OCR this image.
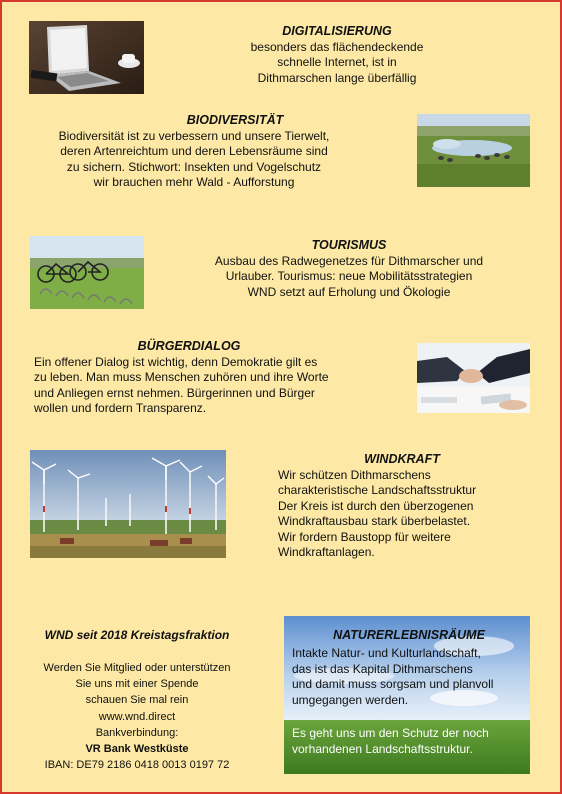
DIGITALISIERUNG
besonders das flächendeckende
schnelle Internet, ist in
Dithmarschen lange überfällig
BIODIVERSITÄT
Biodiversität ist zu verbessern und unsere Tierwelt,
deren Artenreichtum und deren Lebensräume sind
zu sichern. Stichwort: Insekten und Vogelschutz
wir brauchen mehr Wald - Aufforstung
TOURISMUS
Ausbau des Radwegenetzes für Dithmarscher und
Urlauber. Tourismus: neue Mobilitätsstrategien
WND setzt auf Erholung und Ökologie
BÜRGERDIALOG
Ein offener Dialog ist wichtig, denn Demokratie gilt es
zu leben. Man muss Menschen zuhören und ihre Worte
und Anliegen ernst nehmen. Bürgerinnen und Bürger
wollen und fordern Transparenz.
WINDKRAFT
Wir schützen Dithmarschens
charakteristische Landschaftsstruktur
Der Kreis ist durch den überzogenen
Windkraftausbau stark überbelastet.
Wir fordern Baustopp für weitere
Windkraftanlagen.
NATURERLEBNISRÄUME
Intakte Natur- und Kulturlandschaft,
das ist das Kapital Dithmarschens
und damit muss sorgsam und planvoll
umgegangen werden.
Es geht uns um den Schutz der noch
vorhandenen Landschaftsstruktur.
WND seit 2018 Kreistagsfraktion
Werden Sie Mitglied oder unterstützen
Sie uns mit einer Spende
schauen Sie mal rein
www.wnd.direct
Bankverbindung:
VR Bank Westküste
IBAN: DE79 2186 0418 0013 0197 72
